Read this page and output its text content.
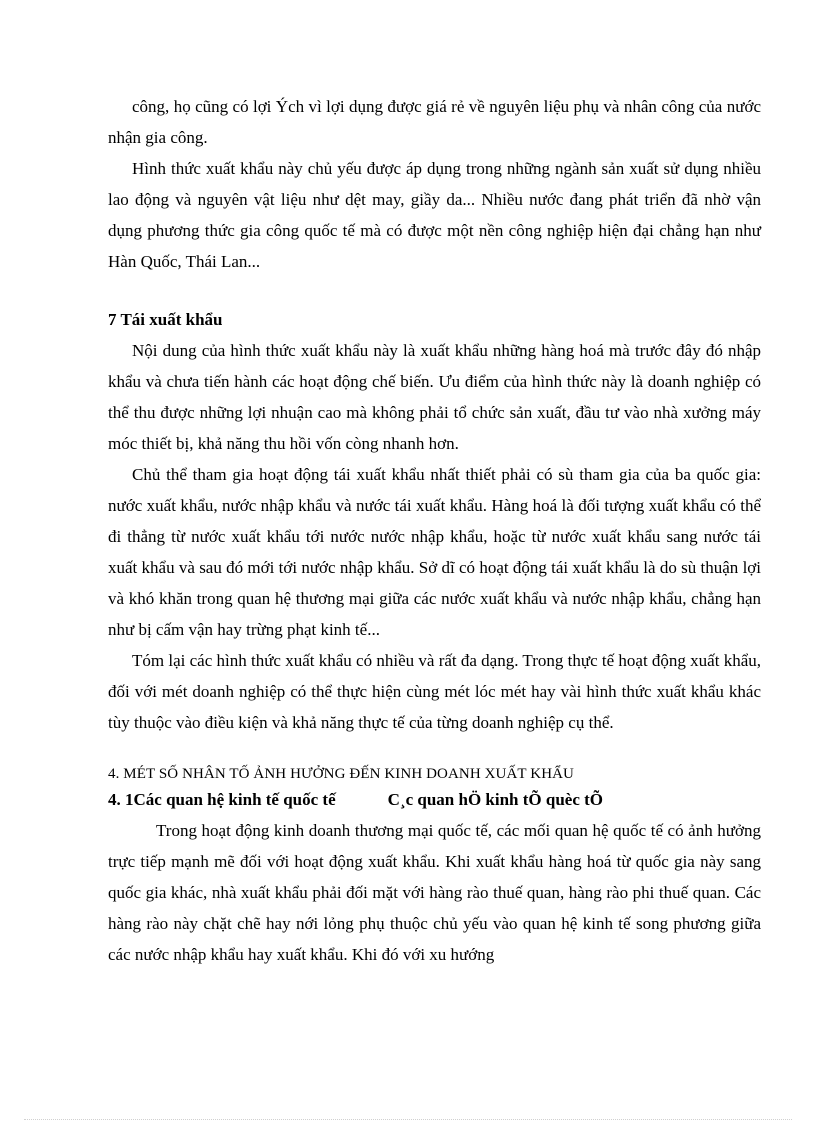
công, họ cũng có lợi Ých vì lợi dụng được giá rẻ về nguyên liệu phụ và nhân công của nước nhận gia công.

Hình thức xuất khẩu này chủ yếu được áp dụng trong những ngành sản xuất sử dụng nhiều lao động và nguyên vật liệu như dệt may, giầy da... Nhiều nước đang phát triển đã nhờ vận dụng phương thức gia công quốc tế mà có được một nền công nghiệp hiện đại chẳng hạn như Hàn Quốc, Thái Lan...

7 Tái xuất khẩu

Nội dung của hình thức xuất khẩu này là xuất khẩu những hàng hoá mà trước đây đó nhập khẩu và chưa tiến hành các hoạt động chế biến. Ưu điểm của hình thức này là doanh nghiệp có thể thu được những lợi nhuận cao mà không phải tổ chức sản xuất, đầu tư vào nhà xưởng máy móc thiết bị, khả năng thu hồi vốn còng nhanh hơn.

Chủ thể tham gia hoạt động tái xuất khẩu nhất thiết phải có sù tham gia của ba quốc gia: nước xuất khẩu, nước nhập khẩu và nước tái xuất khẩu. Hàng hoá là đối tượng xuất khẩu có thể đi thẳng từ nước xuất khẩu tới nước nước nhập khẩu, hoặc từ nước xuất khẩu sang nước tái xuất khẩu và sau đó mới tới nước nhập khẩu. Sở dĩ có hoạt động tái xuất khẩu là do sù thuận lợi và khó khăn trong quan hệ thương mại giữa các nước xuất khẩu và nước nhập khẩu, chẳng hạn như bị cấm vận hay trừng phạt kinh tế...

Tóm lại các hình thức xuất khẩu có nhiều và rất đa dạng. Trong thực tế hoạt động xuất khẩu, đối với mét doanh nghiệp có thể thực hiện cùng mét lóc mét hay vài hình thức xuất khẩu khác tùy thuộc vào điều kiện và khả năng thực tế của từng doanh nghiệp cụ thể.

4. MÉT SỐ NHÂN TỐ ẢNH HƯỞNG ĐẾN KINH DOANH XUẤT KHẨU

4. 1Các quan hệ kinh tế quốc tế	C¸c quan hÖ kinh tÕ quèc tÕ

Trong hoạt động kinh doanh thương mại quốc tế, các mối quan hệ quốc tế có ảnh hưởng trực tiếp mạnh mẽ đối với hoạt động xuất khẩu. Khi xuất khẩu hàng hoá từ quốc gia này sang quốc gia khác, nhà xuất khẩu phải đối mặt với hàng rào thuế quan, hàng rào phi thuế quan. Các hàng rào này chặt chẽ hay nới lỏng phụ thuộc chủ yếu vào quan hệ kinh tế song phương giữa các nước nhập khẩu hay xuất khẩu. Khi đó với xu hướng
